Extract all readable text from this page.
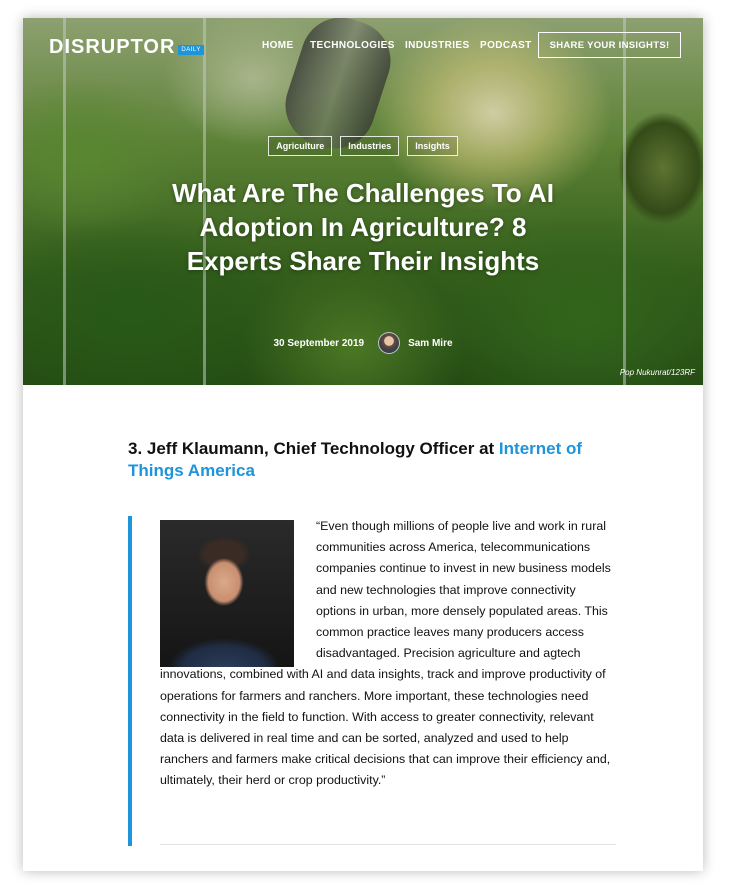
DISRUPTOR DAILY	HOME TECHNOLOGIES INDUSTRIES PODCAST	SHARE YOUR INSIGHTS!
Agriculture	Industries	Insights
What Are The Challenges To AI Adoption In Agriculture? 8 Experts Share Their Insights
30 September 2019	Sam Mire
Pop Nukunrat/123RF
3. Jeff Klaumann, Chief Technology Officer at Internet of Things America

“Even though millions of people live and work in rural communities across America, telecommunications companies continue to invest in new business models and new technologies that improve connectivity options in urban, more densely populated areas. This common practice leaves many producers access disadvantaged. Precision agriculture and agtech innovations, combined with AI and data insights, track and improve productivity of operations for farmers and ranchers. More important, these technologies need connectivity in the field to function. With access to greater connectivity, relevant data is delivered in real time and can be sorted, analyzed and used to help ranchers and farmers make critical decisions that can improve their efficiency and, ultimately, their herd or crop productivity.”
